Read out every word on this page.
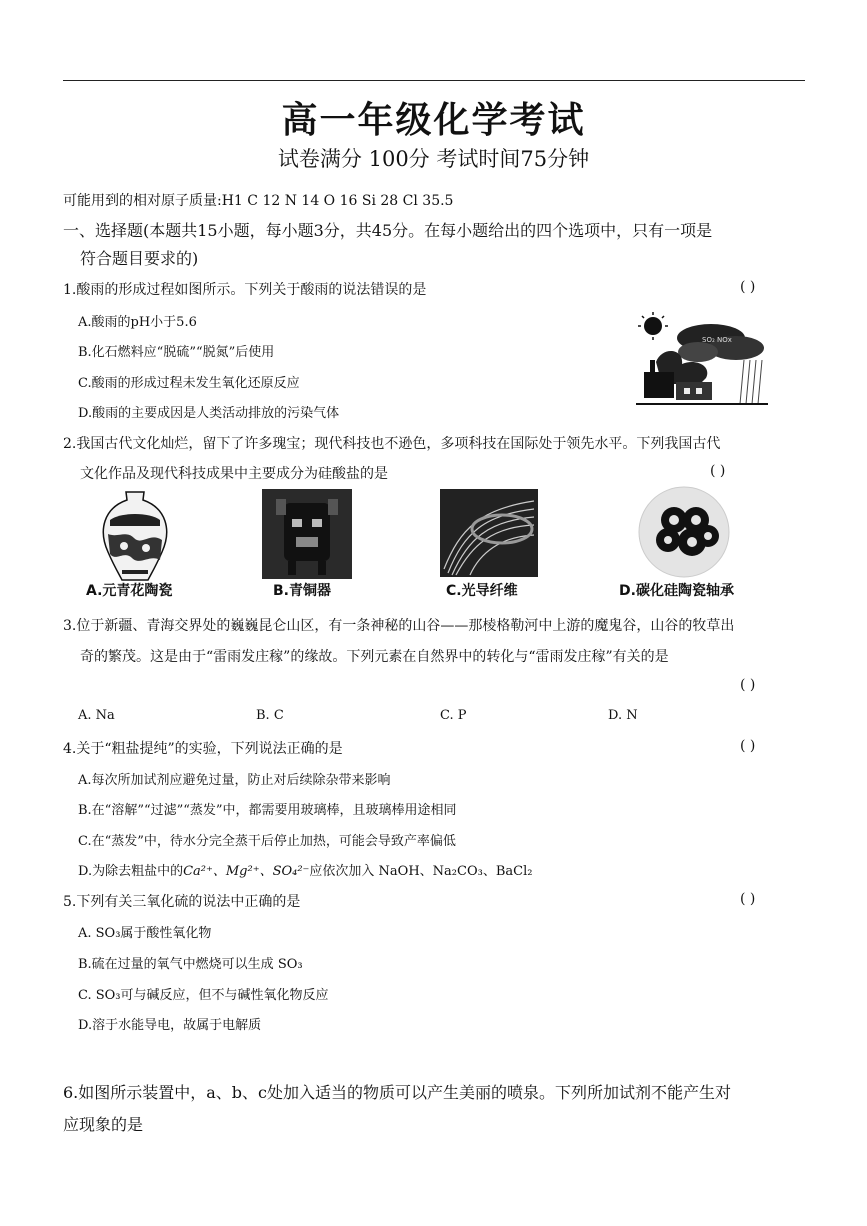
高一年级化学考试
试卷满分 100分 考试时间75分钟
可能用到的相对原子质量:H1 C 12 N 14 O 16 Si 28 Cl 35.5
一、选择题(本题共15小题，每小题3分，共45分。在每小题给出的四个选项中，只有一项是
符合题目要求的)
1.酸雨的形成过程如图所示。下列关于酸雨的说法错误的是	( )
A.酸雨的pH小于5.6
B.化石燃料应“脱硫”“脱氮”后使用
C.酸雨的形成过程未发生氧化还原反应
D.酸雨的主要成因是人类活动排放的污染气体
SO₂ NOx
2.我国古代文化灿烂，留下了许多瑰宝；现代科技也不逊色，多项科技在国际处于领先水平。下列我国古代
文化作品及现代科技成果中主要成分为硅酸盐的是	( )
A.元青花陶瓷	B.青铜器	C.光导纤维	D.碳化硅陶瓷轴承
3.位于新疆、青海交界处的巍巍昆仑山区，有一条神秘的山谷——那棱格勒河中上游的魔鬼谷，山谷的牧草出
奇的繁茂。这是由于“雷雨发庄稼”的缘故。下列元素在自然界中的转化与“雷雨发庄稼”有关的是
( )
A. Na	B. C	C. P	D. N
4.关于“粗盐提纯”的实验，下列说法正确的是	( )
A.每次所加试剂应避免过量，防止对后续除杂带来影响
B.在“溶解”“过滤”“蒸发”中，都需要用玻璃棒，且玻璃棒用途相同
C.在“蒸发”中，待水分完全蒸干后停止加热，可能会导致产率偏低
D.为除去粗盐中的Ca²⁺、Mg²⁺、SO₄²⁻应依次加入 NaOH、Na₂CO₃、BaCl₂
5.下列有关三氧化硫的说法中正确的是	( )
A. SO₃属于酸性氧化物
B.硫在过量的氧气中燃烧可以生成 SO₃
C. SO₃可与碱反应，但不与碱性氧化物反应
D.溶于水能导电，故属于电解质
6.如图所示装置中，a、b、c处加入适当的物质可以产生美丽的喷泉。下列所加试剂不能产生对
应现象的是
